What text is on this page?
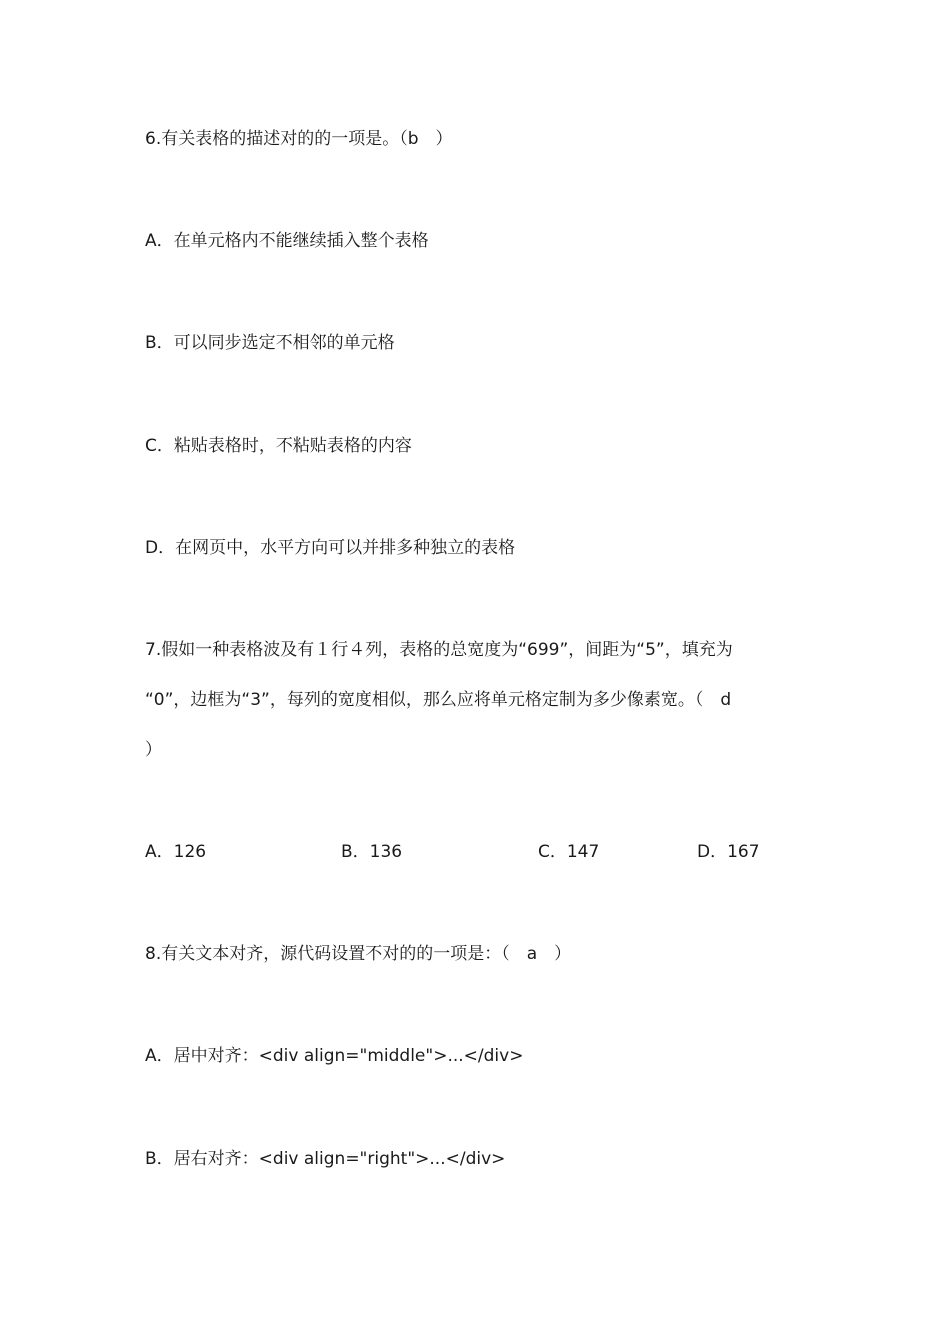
6.有关表格的描述对的的一项是。（b　）
A．在单元格内不能继续插入整个表格
B．可以同步选定不相邻的单元格
C．粘贴表格时，不粘贴表格的内容
D．在网页中，水平方向可以并排多种独立的表格
7.假如一种表格波及有１行４列，表格的总宽度为“699”，间距为“5”，填充为
“0”，边框为“3”，每列的宽度相似，那么应将单元格定制为多少像素宽。（　d
）
A．126	B．136	C．147	D．167
8.有关文本对齐，源代码设置不对的的一项是：（　a　）
A．居中对齐：<div align="middle">...</div>
B．居右对齐：<div align="right">...</div>
